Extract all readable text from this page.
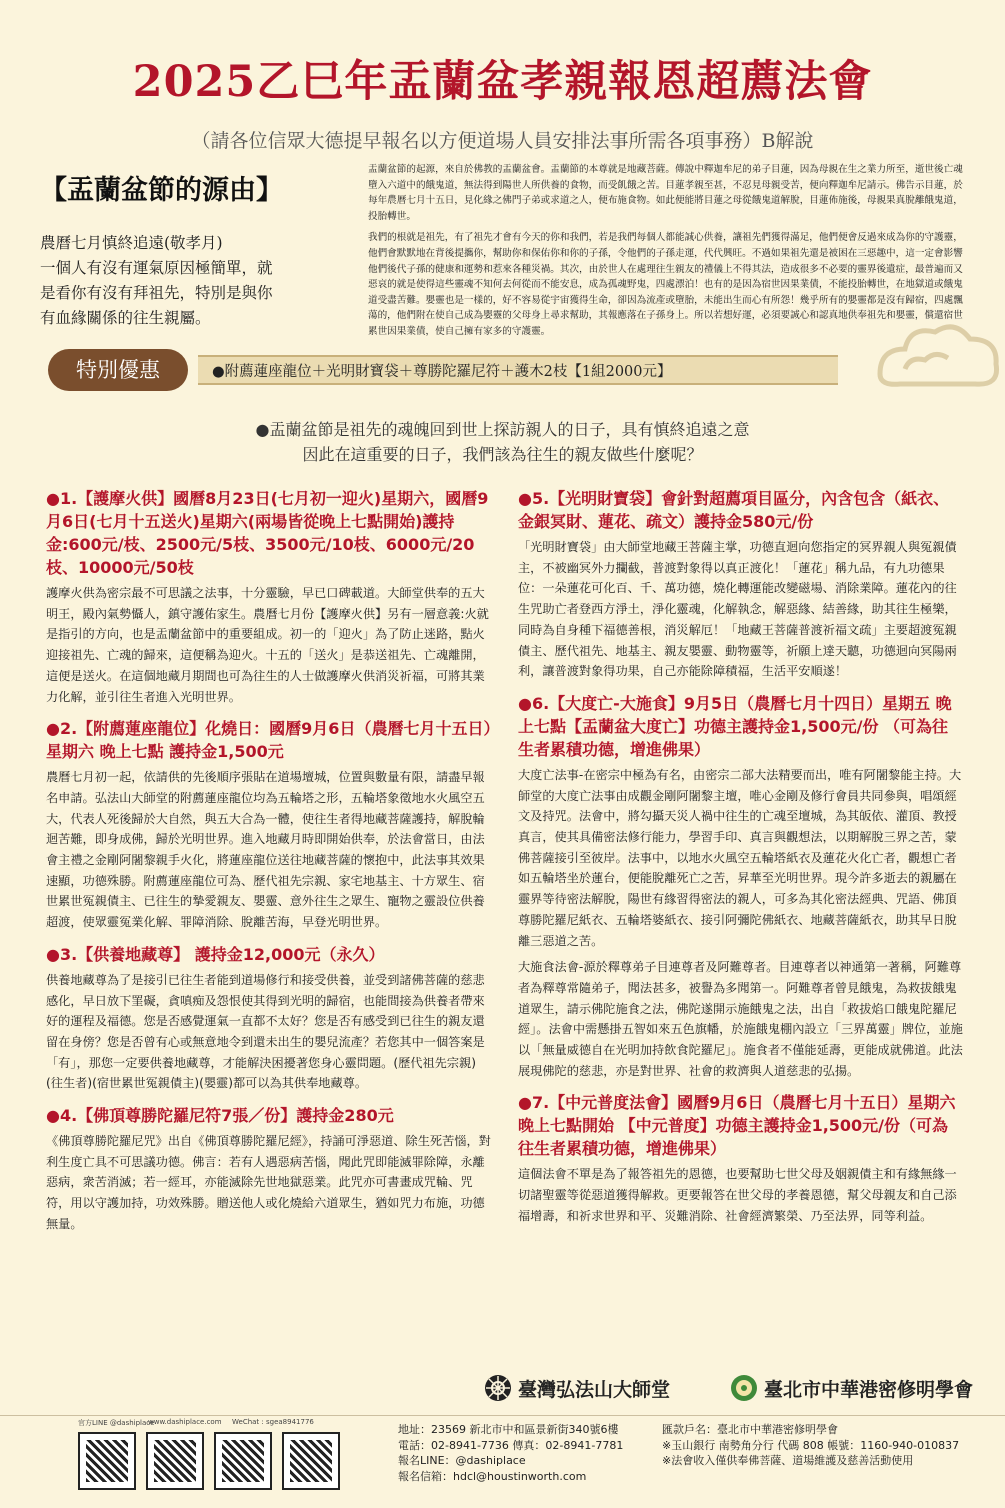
2025乙巳年盂蘭盆孝親報恩超薦法會
（請各位信眾大德提早報名以方便道場人員安排法事所需各項事務）B解說
【盂蘭盆節的源由】
農曆七月慎終追遠(敬孝月)
一個人有沒有運氣原因極簡單，就
是看你有沒有拜祖先，特別是與你
有血緣關係的往生親屬。

盂蘭盆節的起源，來自於佛教的盂蘭盆會。盂蘭節的本尊就是地藏菩薩。傳說中釋迦牟尼的弟子目蓮，因為母親在生之業力所至，逝世後亡魂墮入六道中的餓鬼道，無法得到陽世人所供養的食物，而受飢餓之苦。目蓮孝親至甚，不忍見母親受苦，便向釋迦牟尼請示。佛告示目蓮，於每年農曆七月十五日，見化緣之佛門子弟或求道之人，便布施食物。如此便能將目蓮之母從餓鬼道解脫，目蓮佈施後，母親果真脫離餓鬼道，投胎轉世。

我們的根就是祖先，有了祖先才會有今天的你和我們，若是我們每個人都能誠心供養，讓祖先們獲得滿足，他們便會反過來成為你的守護靈，他們會默默地在背後提攜你，幫助你和保佑你和你的子孫，令他們的子孫走運，代代興旺。不過如果祖先還是被困在三惡趣中，這一定會影響他們後代子孫的健康和運勢和惹來各種災禍。其次，由於世人在處理往生親友的禮儀上不得其法，造成很多不必要的靈界後遺症，最普遍而又惡哀的就是使得這些靈魂不知何去何從而不能安息，成為孤魂野鬼，四處漂泊！也有的是因為宿世因果業債，不能投胎轉世，在地獄道或餓鬼道受盡苦難。嬰靈也是一樣的，好不容易從宇宙獲得生命，卻因為流產或墮胎，未能出生而心有所怨！幾乎所有的嬰靈都是沒有歸宿，四處飄蕩的，他們附在使自己成為嬰靈的父母身上尋求幫助，其報應落在子孫身上。所以若想好運，必須要誠心和認真地供奉祖先和嬰靈，償還宿世累世因果業債，使自己擁有家多的守護靈。

特別優惠	●附薦蓮座龍位＋光明財寶袋＋尊勝陀羅尼符＋護木2枝【1組2000元】
●盂蘭盆節是祖先的魂魄回到世上探訪親人的日子，具有慎終追遠之意
因此在這重要的日子，我們該為往生的親友做些什麼呢？
●1.【護摩火供】國曆8月23日(七月初一迎火)星期六，國曆9月6日(七月十五送火)星期六(兩場皆從晚上七點開始)護持金:600元/枝、2500元/5枝、3500元/10枝、6000元/20枝、10000元/50枝
護摩火供為密宗最不可思議之法事，十分靈驗，早已口碑載道。大師堂供奉的五大明王，殿內氣勢懾人，鎮守護佑家生。農曆七月份【護摩火供】另有一層意義:火就是指引的方向，也是盂蘭盆節中的重要組成。初一的「迎火」為了防止迷路，點火迎接祖先、亡魂的歸來，這便稱為迎火。十五的「送火」是恭送祖先、亡魂離開，這便是送火。在這個地藏月期間也可為往生的人士做護摩火供消災祈福，可將其業力化解，並引往生者進入光明世界。
●2.【附薦蓮座龍位】化燒日：國曆9月6日（農曆七月十五日）星期六 晚上七點 護持金1,500元
農曆七月初一起，依請供的先後順序張貼在道場壇城，位置與數量有限，請盡早報名申請。弘法山大師堂的附薦蓮座龍位均為五輪塔之形，五輪塔象徵地水火風空五大，代表人死後歸於大自然，與五大合為一體，使往生者得地藏菩薩護持，解脫輪迴苦難，即身成佛，歸於光明世界。進入地藏月時即開始供奉，於法會當日，由法會主禮之金剛阿闍黎親手火化，將蓮座龍位送往地藏菩薩的懷抱中，此法事其效果速顯，功德殊勝。附薦蓮座龍位可為、歷代祖先宗親、家宅地基主、十方眾生、宿世累世冤親債主、已往生的摯愛親友、嬰靈、意外往生之眾生、寵物之靈設位供養超渡，使眾靈冤業化解、罪障消除、脫離苦海，早登光明世界。
●3.【供養地藏尊】 護持金12,000元（永久）
供養地藏尊為了是接引已往生者能到道場修行和接受供養，並受到諸佛菩薩的慈悲感化，早日放下罣礙，貪嗔痴及怨恨使其得到光明的歸宿，也能間接為供養者帶來好的運程及福德。您是否感覺運氣一直都不太好？您是否有感受到已往生的親友還留在身傍？您是否曾有心或無意地令到還未出生的嬰兒流產？若您其中一個答案是「有」，那您一定要供養地藏尊，才能解決困擾著您身心靈問題。(歷代祖先宗親)(往生者)(宿世累世冤親債主)(嬰靈)都可以為其供奉地藏尊。
●4.【佛頂尊勝陀羅尼符7張／份】護持金280元
《佛頂尊勝陀羅尼咒》出自《佛頂尊勝陀羅尼經》，持誦可淨惡道、除生死苦惱，對利生度亡具不可思議功德。佛言：若有人遇惡病苦惱，聞此咒即能滅罪除障，永離惡病，衆苦消滅；若一經耳，亦能滅除先世地獄惡業。此咒亦可書畫成咒輪、咒符，用以守護加持，功效殊勝。贈送他人或化燒給六道眾生，猶如咒力布施，功德無量。
●5.【光明財寶袋】會針對超薦項目區分，內含包含（紙衣、金銀冥財、蓮花、疏文）護持金580元/份
「光明財寶袋」由大師堂地藏王菩薩主掌，功德直迴向您指定的冥界親人與冤親債主，不被幽冥外力攔截，普渡對象得以真正渡化！「蓮花」稱九品，有九功德果位：一朵蓮花可化百、千、萬功德，燒化轉運能改變磁場、消除業障。蓮花內的往生咒助亡者登西方淨土，淨化靈魂，化解執念，解惡緣、結善緣，助其往生極樂，同時為自身種下福德善根，消災解厄！「地藏王菩薩普渡祈福文疏」主要超渡冤親債主、歷代祖先、地基主、親友嬰靈、動物靈等，祈願上達天聽，功德迴向冥陽兩利，讓普渡對象得功果，自己亦能除障積福，生活平安順遂！
●6.【大度亡-大施食】9月5日（農曆七月十四日）星期五 晚上七點【盂蘭盆大度亡】功德主護持金1,500元/份 （可為往生者累積功德，增進佛果）

大度亡法事-在密宗中極為有名，由密宗二部大法精要而出，唯有阿闍黎能主持。大師堂的大度亡法事由成觀金剛阿闍黎主壇，唯心金剛及修行會員共同參與，唱頌經文及持咒。法會中，將勾攝天災人禍中往生的亡魂至壇城，為其皈依、灌頂、教授真言，使其具備密法修行能力，學習手印、真言與觀想法，以期解脫三界之苦，蒙佛菩薩接引至彼岸。法事中，以地水火風空五輪塔紙衣及蓮花火化亡者，觀想亡者如五輪塔坐於蓮台，便能脫離死亡之苦，昇華至光明世界。現今許多逝去的親屬在靈界等待密法解脫，陽世有緣習得密法的親人，可多為其化密法經典、咒語、佛頂尊勝陀羅尼紙衣、五輪塔婆紙衣、接引阿彌陀佛紙衣、地藏菩薩紙衣，助其早日脫離三惡道之苦。

大施食法會-源於釋尊弟子目連尊者及阿難尊者。目連尊者以神通第一著稱，阿難尊者為釋尊常隨弟子，聞法甚多，被譽為多聞第一。阿難尊者曾見餓鬼，為救拔餓鬼道眾生，請示佛陀施食之法，佛陀遂開示施餓鬼之法，出自「救拔焰口餓鬼陀羅尼經」。法會中需懸掛五智如來五色旗幡，於施餓鬼棚內設立「三界萬靈」牌位，並施以「無量威德自在光明加持飲食陀羅尼」。施食者不僅能延壽，更能成就佛道。此法展現佛陀的慈悲，亦是對世界、社會的救濟與人道慈悲的弘揚。

●7.【中元普度法會】國曆9月6日（農曆七月十五日）星期六 晚上七點開始 【中元普度】功德主護持金1,500元/份（可為往生者累積功德，增進佛果）
這個法會不單是為了報答祖先的恩德，也要幫助七世父母及姻親債主和有緣無緣一切諸聖靈等從惡道獲得解救。更要報答在世父母的孝養恩德，幫父母親友和自己添福增壽，和祈求世界和平、災難消除、社會經濟繁榮、乃至法界，同等利益。
臺灣弘法山大師堂	臺北市中華港密修明學會
官方LINE @dashiplace
www.dashiplace.com WeChat : sgea8941776
地址：23569 新北市中和區景新街340號6樓
電話：02-8941-7736 傳真：02-8941-7781
報名LINE：@dashiplace
報名信箱：hdcl@houstinworth.com
匯款戶名：臺北市中華港密修明學會
※玉山銀行 南勢角分行 代碼 808 帳號：1160-940-010837
※法會收入僅供奉佛菩薩、道場維護及慈善活動使用
